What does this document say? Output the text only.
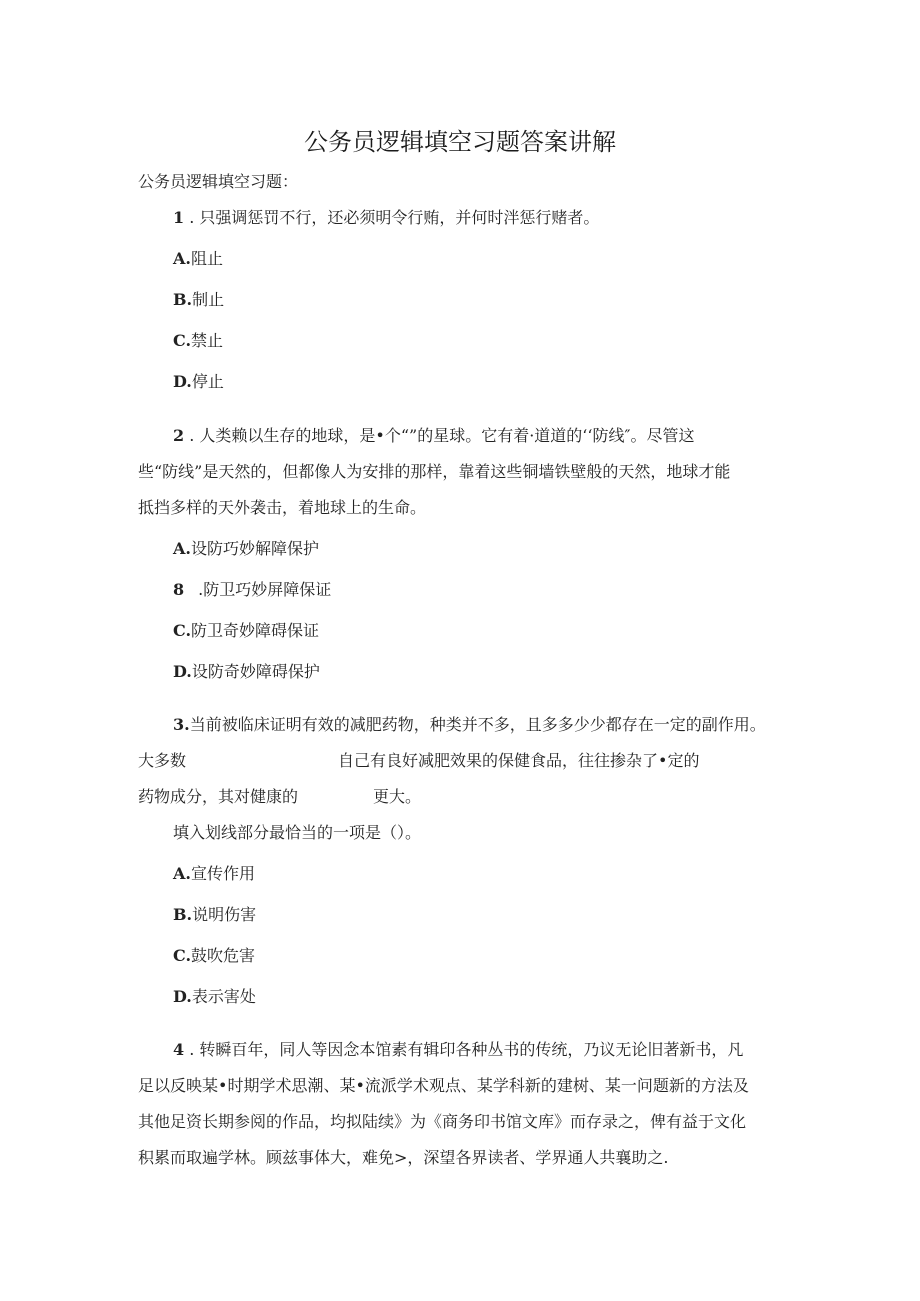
公务员逻辑填空习题答案讲解
公务员逻辑填空习题：
1 . 只强调惩罚不行，还必须明令行贿，并何时泮惩行赌者。
A.阻止
B.制止
C.禁止
D.停止
2 . 人类赖以生存的地球，是•个“”的星球。它有着·道道的‘‘防线″。尽管这
些“防线”是天然的，但都像人为安排的那样，靠着这些铜墙铁壁般的天然，地球才能
抵挡多样的天外袭击，着地球上的生命。
A.设防巧妙解障保护
8 .防卫巧妙屏障保证
C.防卫奇妙障碍保证
D.设防奇妙障碍保护
3.当前被临床证明有效的减肥药物，种类并不多，且多多少少都存在一定的副作用。
大多数	自己有良好减肥效果的保健食品，往往掺杂了•定的
药物成分，其对健康的	更大。
填入划线部分最恰当的一项是（）。
A.宣传作用
B.说明伤害
C.鼓吹危害
D.表示害处
4 . 转瞬百年，同人等因念本馆素有辑印各种丛书的传统，乃议无论旧著新书，凡
足以反映某•时期学术思潮、某•流派学术观点、某学科新的建树、某一问题新的方法及
其他足资长期参阅的作品，均拟陆续》为《商务印书馆文库》而存录之，俾有益于文化
积累而取遍学林。顾兹事体大，难免>，深望各界读者、学界通人共襄助之.
